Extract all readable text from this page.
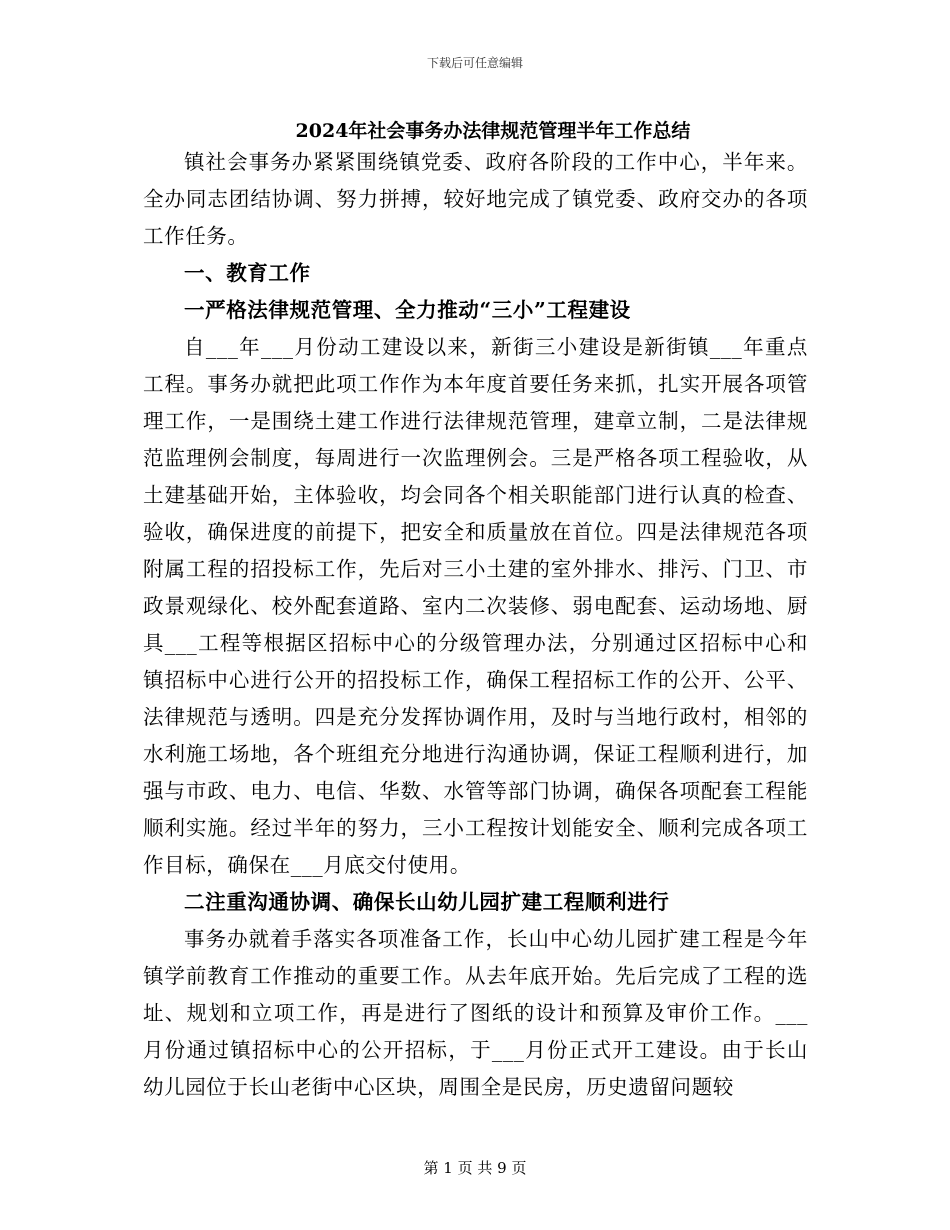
下载后可任意编辑
2024年社会事务办法律规范管理半年工作总结

镇社会事务办紧紧围绕镇党委、政府各阶段的工作中心，半年来。全办同志团结协调、努力拼搏，较好地完成了镇党委、政府交办的各项工作任务。

一、教育工作

一严格法律规范管理、全力推动“三小”工程建设

自___年___月份动工建设以来，新街三小建设是新街镇___年重点工程。事务办就把此项工作作为本年度首要任务来抓，扎实开展各项管理工作，一是围绕土建工作进行法律规范管理，建章立制，二是法律规范监理例会制度，每周进行一次监理例会。三是严格各项工程验收，从土建基础开始，主体验收，均会同各个相关职能部门进行认真的检查、验收，确保进度的前提下，把安全和质量放在首位。四是法律规范各项附属工程的招投标工作，先后对三小土建的室外排水、排污、门卫、市政景观绿化、校外配套道路、室内二次装修、弱电配套、运动场地、厨具___工程等根据区招标中心的分级管理办法，分别通过区招标中心和镇招标中心进行公开的招投标工作，确保工程招标工作的公开、公平、法律规范与透明。四是充分发挥协调作用，及时与当地行政村，相邻的水利施工场地，各个班组充分地进行沟通协调，保证工程顺利进行，加强与市政、电力、电信、华数、水管等部门协调，确保各项配套工程能顺利实施。经过半年的努力，三小工程按计划能安全、顺利完成各项工作目标，确保在___月底交付使用。

二注重沟通协调、确保长山幼儿园扩建工程顺利进行

事务办就着手落实各项准备工作，长山中心幼儿园扩建工程是今年镇学前教育工作推动的重要工作。从去年底开始。先后完成了工程的选址、规划和立项工作，再是进行了图纸的设计和预算及审价工作。___月份通过镇招标中心的公开招标，于___月份正式开工建设。由于长山幼儿园位于长山老街中心区块，周围全是民房，历史遗留问题较

第 1 页 共 9 页
